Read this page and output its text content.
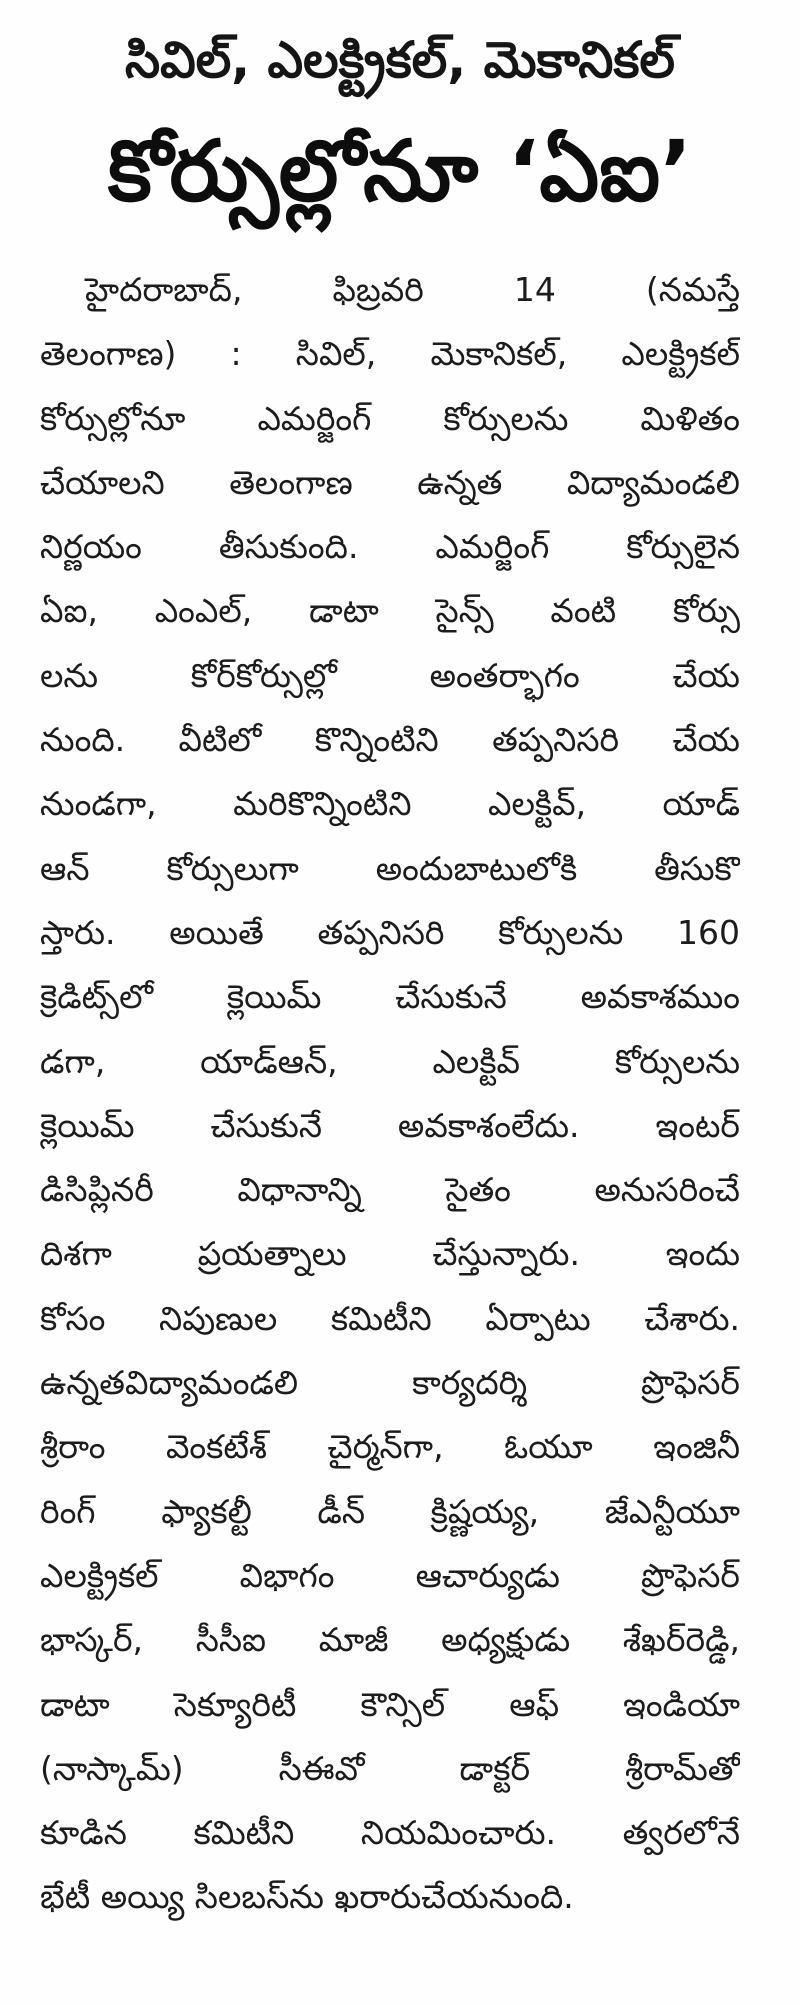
సివిల్, ఎలక్ట్రికల్, మెకానికల్
కోర్సుల్లోనూ ‘ఏఐ’
హైదరాబాద్, ఫిబ్రవరి 14 (నమస్తే
తెలంగాణ) : సివిల్, మెకానికల్, ఎలక్ట్రికల్
కోర్సుల్లోనూ ఎమర్జింగ్ కోర్సులను మిళితం
చేయాలని తెలంగాణ ఉన్నత విద్యామండలి
నిర్ణయం తీసుకుంది. ఎమర్జింగ్ కోర్సులైన
ఏఐ, ఎంఎల్, డాటా సైన్స్ వంటి కోర్సు
లను కోర్‌కోర్సుల్లో అంతర్భాగం చేయ
నుంది. వీటిలో కొన్నింటిని తప్పనిసరి చేయ
నుండగా, మరికొన్నింటిని ఎలక్టివ్, యాడ్
ఆన్ కోర్సులుగా అందుబాటులోకి తీసుకొ
స్తారు. అయితే తప్పనిసరి కోర్సులను 160
క్రెడిట్స్‌లో క్లెయిమ్ చేసుకునే అవకాశముం
డగా, యాడ్‌ఆన్, ఎలక్టివ్ కోర్సులను
క్లెయిమ్ చేసుకునే అవకాశంలేదు. ఇంటర్
డిసిప్లినరీ విధానాన్ని సైతం అనుసరించే
దిశగా ప్రయత్నాలు చేస్తున్నారు. ఇందు
కోసం నిపుణుల కమిటీని ఏర్పాటు చేశారు.
ఉన్నతవిద్యామండలి కార్యదర్శి ప్రొఫెసర్
శ్రీరాం వెంకటేశ్ చైర్మన్‌గా, ఓయూ ఇంజినీ
రింగ్ ఫ్యాకల్టీ డీన్ క్రిష్ణయ్య, జేఎన్టీయూ
ఎలక్ట్రికల్ విభాగం ఆచార్యుడు ప్రొఫెసర్
భాస్కర్, సీసీఐ మాజీ అధ్యక్షుడు శేఖర్‌రెడ్డి,
డాటా సెక్యూరిటీ కౌన్సిల్ ఆఫ్ ఇండియా
(నాస్కామ్) సీఈవో డాక్టర్ శ్రీరామ్‌తో
కూడిన కమిటీని నియమించారు. త్వరలోనే
భేటీ అయ్యి సిలబస్‌ను ఖరారుచేయనుంది.
